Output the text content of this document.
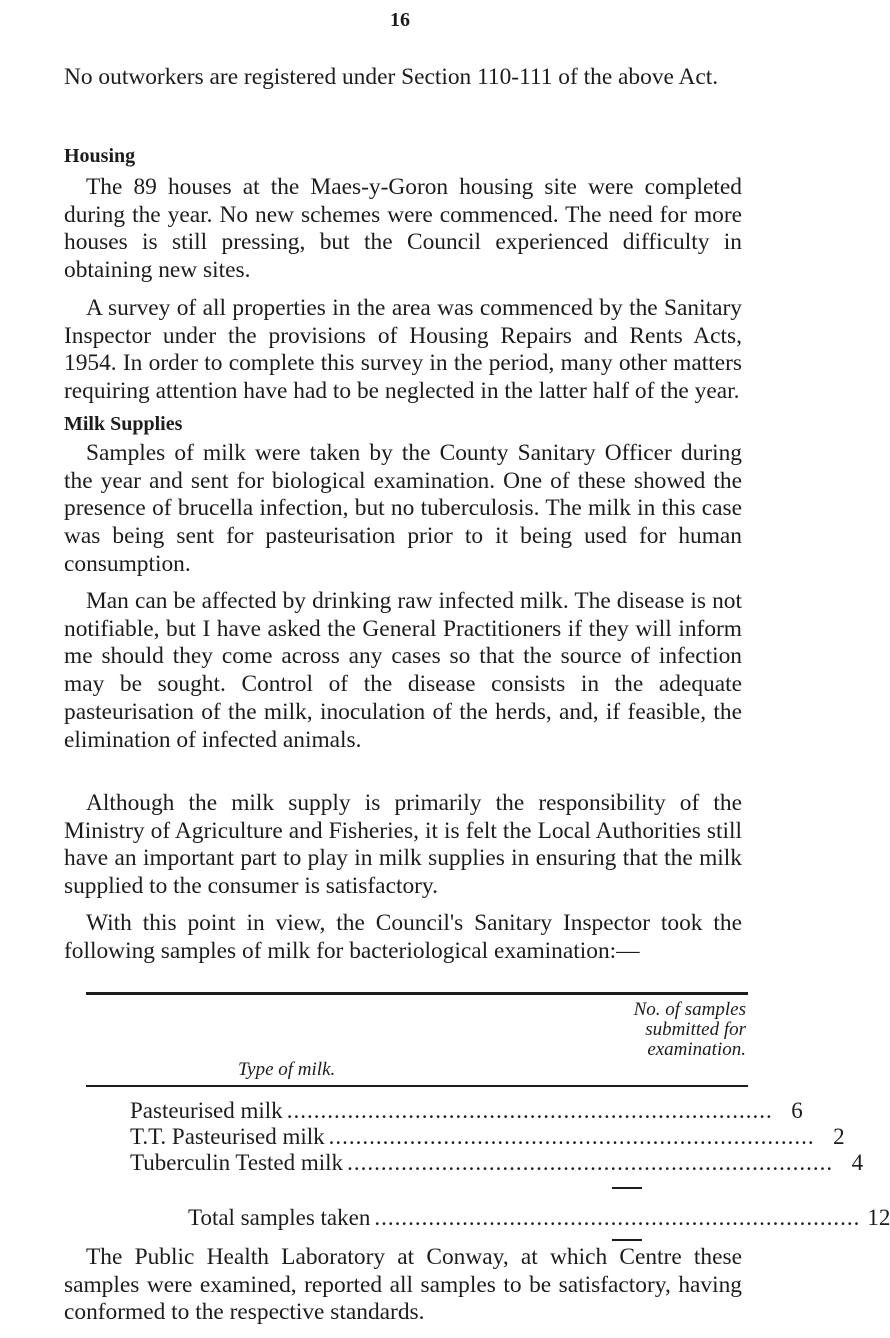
16

No outworkers are registered under Section 110-111 of the above Act.

Housing

The 89 houses at the Maes-y-Goron housing site were completed during the year. No new schemes were commenced. The need for more houses is still pressing, but the Council experienced difficulty in obtaining new sites.

A survey of all properties in the area was commenced by the Sanitary Inspector under the provisions of Housing Repairs and Rents Acts, 1954. In order to complete this survey in the period, many other matters requiring attention have had to be neglected in the latter half of the year.

Milk Supplies

Samples of milk were taken by the County Sanitary Officer during the year and sent for biological examination. One of these showed the presence of brucella infection, but no tuberculosis. The milk in this case was being sent for pasteurisation prior to it being used for human consumption.

Man can be affected by drinking raw infected milk. The disease is not notifiable, but I have asked the General Practitioners if they will inform me should they come across any cases so that the source of infection may be sought. Control of the disease consists in the adequate pasteurisation of the milk, inoculation of the herds, and, if feasible, the elimination of infected animals.

Although the milk supply is primarily the responsibility of the Ministry of Agriculture and Fisheries, it is felt the Local Authorities still have an important part to play in milk supplies in ensuring that the milk supplied to the consumer is satisfactory.

With this point in view, the Council's Sanitary Inspector took the following samples of milk for bacteriological examination:—

Type of milk.
No. of samples
submitted for
examination.
Pasteurised milk ........................................................................ 6
T.T. Pasteurised milk ........................................................................ 2
Tuberculin Tested milk ........................................................................ 4
Total samples taken ........................................................................ 12

The Public Health Laboratory at Conway, at which Centre these samples were examined, reported all samples to be satisfactory, having conformed to the respective standards.
